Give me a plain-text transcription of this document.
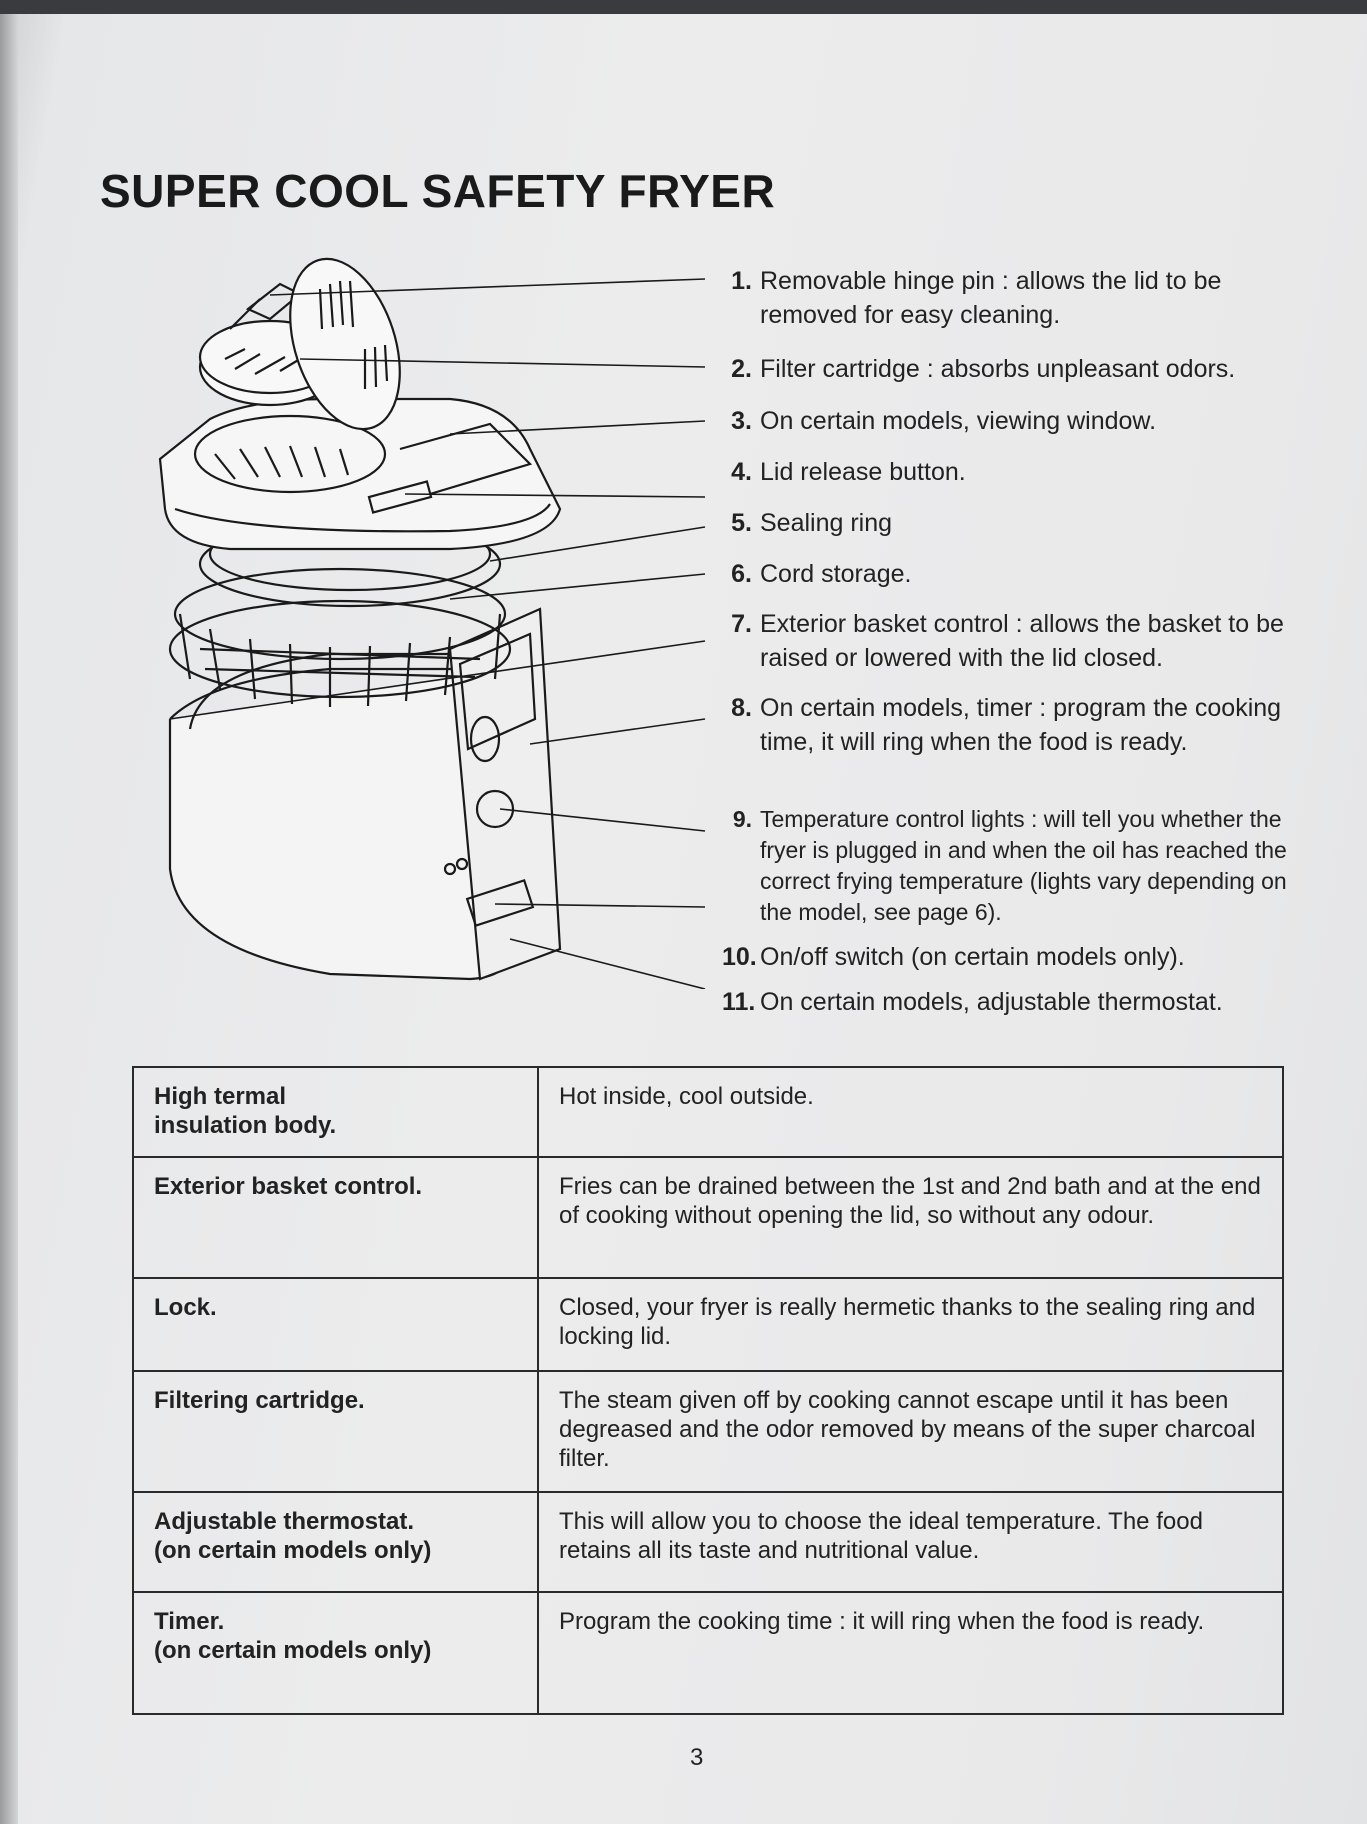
SUPER COOL SAFETY FRYER
1. Removable hinge pin : allows the lid to be removed for easy cleaning.
2. Filter cartridge : absorbs unpleasant odors.
3. On certain models, viewing window.
4. Lid release button.
5. Sealing ring
6. Cord storage.
7. Exterior basket control : allows the basket to be raised or lowered with the lid closed.
8. On certain models, timer : program the cooking time, it will ring when the food is ready.
9. Temperature control lights : will tell you whether the fryer is plugged in and when the oil has reached the correct frying temperature (lights vary depending on the model, see page 6).
10. On/off switch (on certain models only).
11. On certain models, adjustable thermostat.
High termal
insulation body.	Hot inside, cool outside.
Exterior basket control.	Fries can be drained between the 1st and 2nd bath and at the end of cooking without opening the lid, so without any odour.
Lock.	Closed, your fryer is really hermetic thanks to the sealing ring and locking lid.
Filtering cartridge.	The steam given off by cooking cannot escape until it has been degreased and the odor removed by means of the super charcoal filter.
Adjustable thermostat.
(on certain models only)	This will allow you to choose the ideal temperature. The food retains all its taste and nutritional value.
Timer.
(on certain models only)	Program the cooking time : it will ring when the food is ready.
3
